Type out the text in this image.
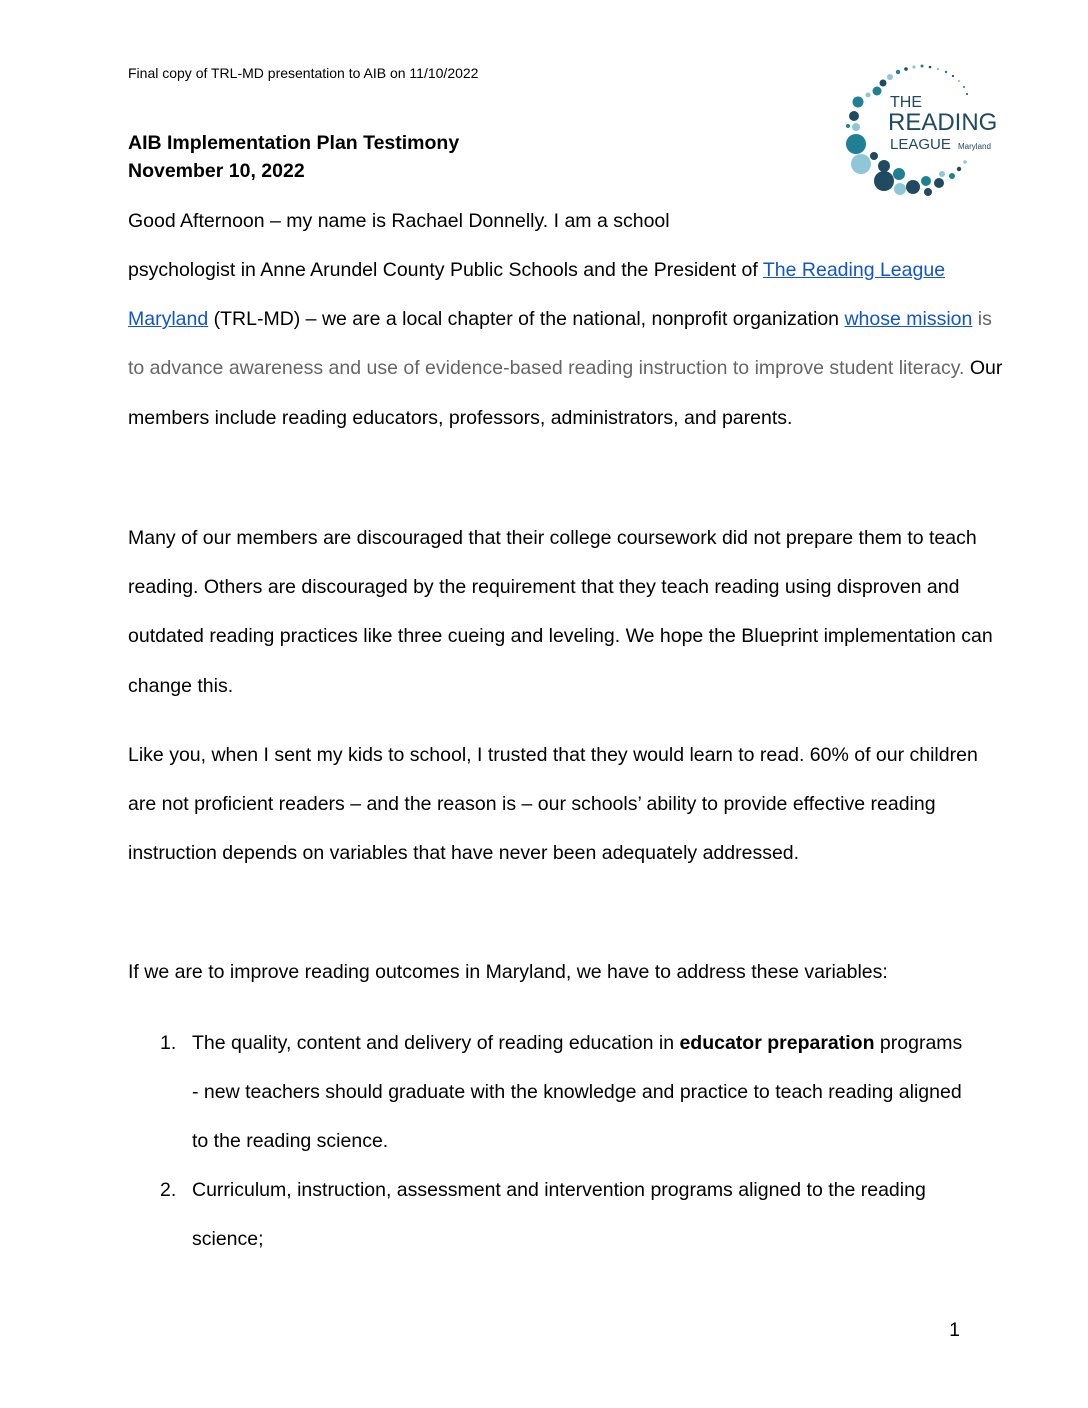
Final copy of TRL-MD presentation to AIB on 11/10/2022
THE
READING
LEAGUE Maryland
AIB Implementation Plan Testimony
November 10, 2022
Good Afternoon – my name is Rachael Donnelly. I am a school

psychologist in Anne Arundel County Public Schools and the President of The Reading League Maryland (TRL-MD) – we are a local chapter of the national, nonprofit organization whose mission is to advance awareness and use of evidence-based reading instruction to improve student literacy. Our members include reading educators, professors, administrators, and parents.

Many of our members are discouraged that their college coursework did not prepare them to teach reading. Others are discouraged by the requirement that they teach reading using disproven and outdated reading practices like three cueing and leveling. We hope the Blueprint implementation can change this.

Like you, when I sent my kids to school, I trusted that they would learn to read. 60% of our children are not proficient readers – and the reason is – our schools’ ability to provide effective reading instruction depends on variables that have never been adequately addressed.

If we are to improve reading outcomes in Maryland, we have to address these variables:

1. The quality, content and delivery of reading education in educator preparation programs - new teachers should graduate with the knowledge and practice to teach reading aligned to the reading science.
2. Curriculum, instruction, assessment and intervention programs aligned to the reading science;
1
